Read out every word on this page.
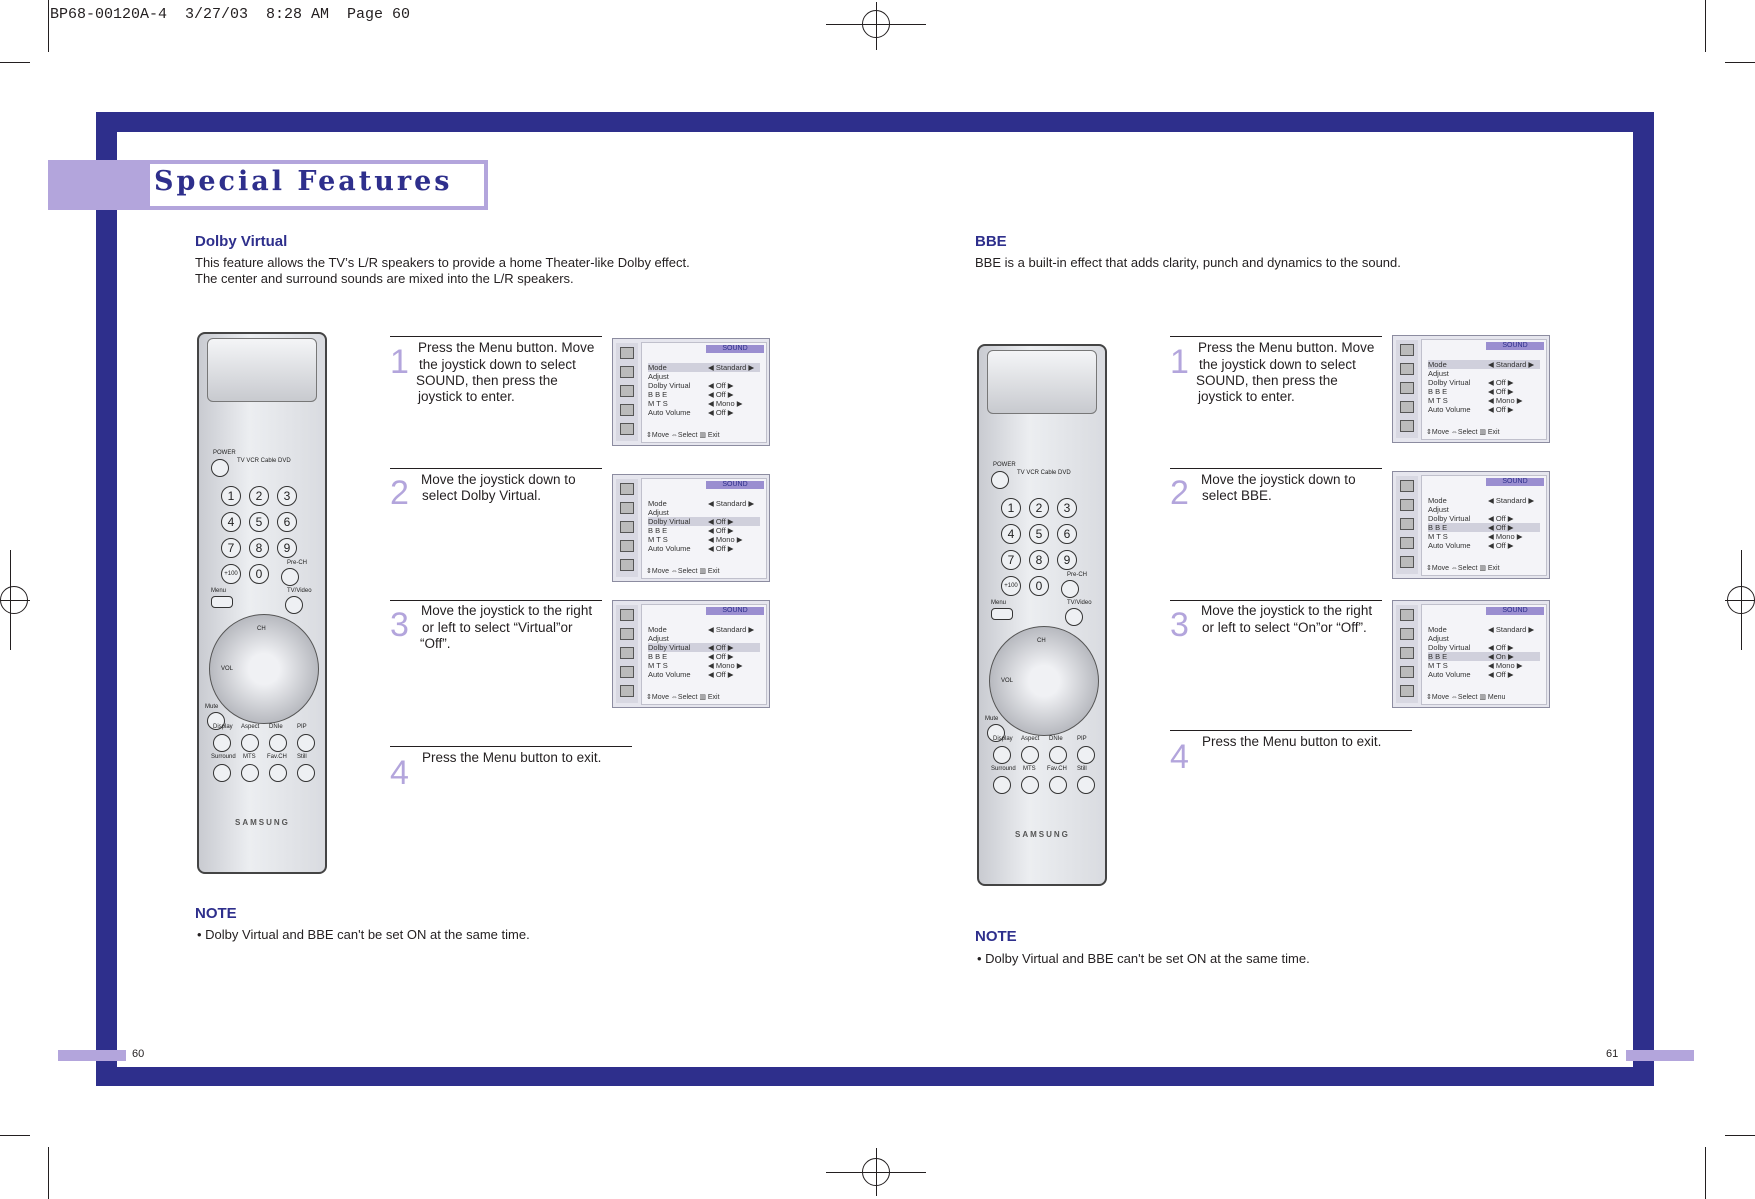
BP68-00120A-4  3/27/03  8:28 AM  Page 60
Special Features
Dolby Virtual
This feature allows the TV’s L/R speakers to provide a home Theater-like Dolby effect.
The center and surround sounds are mixed into the L/R speakers.
POWER
TV VCR Cable DVD
1	2	3
4	5	6
7	8	9
+100	0
Pre-CH
Menu	TV/Video
CH
VOL
Mute
Display Aspect DNIe PIP
Surround MTS Fav.CH Still
SAMSUNG
1 Press the Menu button. Move
the joystick down to select
SOUND, then press the
joystick to enter.
2 Move the joystick down to
select Dolby Virtual.
3 Move the joystick to the right
or left to select “Virtual”or
“Off”.
4 Press the Menu button to exit.
SOUND
Mode	◀ Standard ▶
Adjust
Dolby Virtual ◀ Off ▶
B B E	◀ Off ▶
M T S	◀ Mono ▶
Auto Volume ◀ Off ▶
⇕Move ⇔Select ▥ Exit
SOUND
Mode	◀ Standard ▶
Adjust
Dolby Virtual ◀ Off ▶
B B E	◀ Off ▶
M T S	◀ Mono ▶
Auto Volume ◀ Off ▶
⇕Move ⇔Select ▥ Exit
SOUND
Mode	◀ Standard ▶
Adjust
Dolby Virtual ◀ Off ▶
B B E	◀ Off ▶
M T S	◀ Mono ▶
Auto Volume ◀ Off ▶
⇕Move ⇔Select ▥ Exit
NOTE
• Dolby Virtual and BBE can't be set ON at the same time.
60
BBE
BBE is a built-in effect that adds clarity, punch and dynamics to the sound.
POWER
TV VCR Cable DVD
1	2	3
4	5	6
7	8	9
+100	0
Pre-CH
Menu	TV/Video
CH
VOL
Mute
Display Aspect DNIe PIP
Surround MTS Fav.CH Still
SAMSUNG
1 Press the Menu button. Move
the joystick down to select
SOUND, then press the
joystick to enter.
2 Move the joystick down to
select BBE.
3 Move the joystick to the right
or left to select “On”or “Off”.
4 Press the Menu button to exit.
SOUND
Mode	◀ Standard ▶
Adjust
Dolby Virtual ◀ Off ▶
B B E	◀ Off ▶
M T S	◀ Mono ▶
Auto Volume ◀ Off ▶
⇕Move ⇔Select ▥ Exit
SOUND
Mode	◀ Standard ▶
Adjust
Dolby Virtual ◀ Off ▶
B B E	◀ Off ▶
M T S	◀ Mono ▶
Auto Volume ◀ Off ▶
⇕Move ⇔Select ▥ Exit
SOUND
Mode	◀ Standard ▶
Adjust
Dolby Virtual ◀ Off ▶
B B E	◀ On ▶
M T S	◀ Mono ▶
Auto Volume ◀ Off ▶
⇕Move ⇔Select ▥ Menu
NOTE
• Dolby Virtual and BBE can't be set ON at the same time.
61
